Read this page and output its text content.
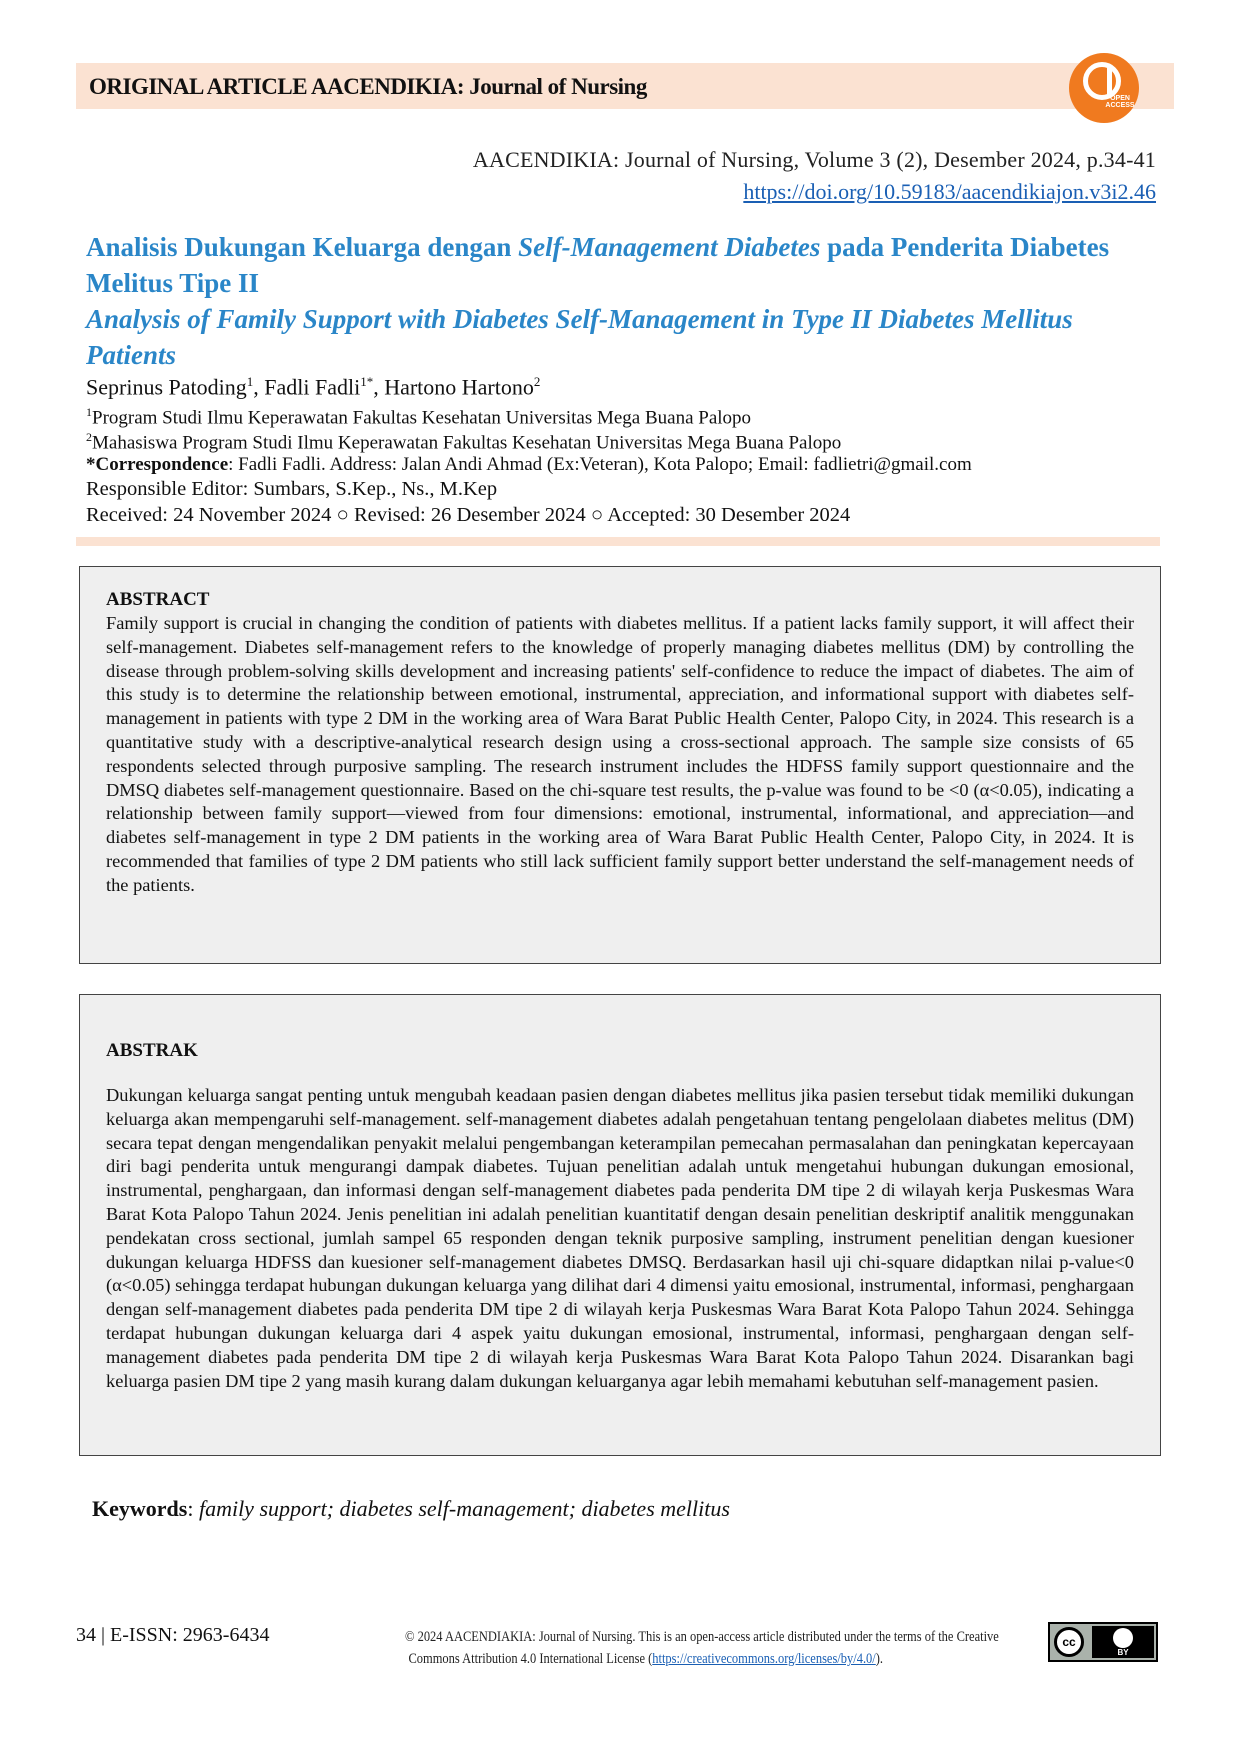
ORIGINAL ARTICLE AACENDIKIA: Journal of Nursing	OPEN ACCESS
AACENDIKIA: Journal of Nursing, Volume 3 (2), Desember 2024, p.34-41
https://doi.org/10.59183/aacendikiajon.v3i2.46
Analisis Dukungan Keluarga dengan Self-Management Diabetes pada Penderita Diabetes Melitus Tipe II
Analysis of Family Support with Diabetes Self-Management in Type II Diabetes Mellitus Patients
Seprinus Patoding$^1$, Fadli Fadli$^{1*}$, Hartono Hartono$^2$
$^1$Program Studi Ilmu Keperawatan Fakultas Kesehatan Universitas Mega Buana Palopo
$^2$Mahasiswa Program Studi Ilmu Keperawatan Fakultas Kesehatan Universitas Mega Buana Palopo
*Correspondence: Fadli Fadli. Address: Jalan Andi Ahmad (Ex:Veteran), Kota Palopo; Email: fadlietri@gmail.com
Responsible Editor: Sumbars, S.Kep., Ns., M.Kep
Received: 24 November 2024 ○ Revised: 26 Desember 2024 ○ Accepted: 30 Desember 2024
ABSTRACT
Family support is crucial in changing the condition of patients with diabetes mellitus. If a patient lacks family support, it will affect their self-management. Diabetes self-management refers to the knowledge of properly managing diabetes mellitus (DM) by controlling the disease through problem-solving skills development and increasing patients' self-confidence to reduce the impact of diabetes. The aim of this study is to determine the relationship between emotional, instrumental, appreciation, and informational support with diabetes self-management in patients with type 2 DM in the working area of Wara Barat Public Health Center, Palopo City, in 2024. This research is a quantitative study with a descriptive-analytical research design using a cross-sectional approach. The sample size consists of 65 respondents selected through purposive sampling. The research instrument includes the HDFSS family support questionnaire and the DMSQ diabetes self-management questionnaire. Based on the chi-square test results, the p-value was found to be <0 (α<0.05), indicating a relationship between family support—viewed from four dimensions: emotional, instrumental, informational, and appreciation—and diabetes self-management in type 2 DM patients in the working area of Wara Barat Public Health Center, Palopo City, in 2024. It is recommended that families of type 2 DM patients who still lack sufficient family support better understand the self-management needs of the patients.
ABSTRAK
Dukungan keluarga sangat penting untuk mengubah keadaan pasien dengan diabetes mellitus jika pasien tersebut tidak memiliki dukungan keluarga akan mempengaruhi self-management. self-management diabetes adalah pengetahuan tentang pengelolaan diabetes melitus (DM) secara tepat dengan mengendalikan penyakit melalui pengembangan keterampilan pemecahan permasalahan dan peningkatan kepercayaan diri bagi penderita untuk mengurangi dampak diabetes. Tujuan penelitian adalah untuk mengetahui hubungan dukungan emosional, instrumental, penghargaan, dan informasi dengan self-management diabetes pada penderita DM tipe 2 di wilayah kerja Puskesmas Wara Barat Kota Palopo Tahun 2024. Jenis penelitian ini adalah penelitian kuantitatif dengan desain penelitian deskriptif analitik menggunakan pendekatan cross sectional, jumlah sampel 65 responden dengan teknik purposive sampling, instrument penelitian dengan kuesioner dukungan keluarga HDFSS dan kuesioner self-management diabetes DMSQ. Berdasarkan hasil uji chi-square didaptkan nilai p-value<0 (α<0.05) sehingga terdapat hubungan dukungan keluarga yang dilihat dari 4 dimensi yaitu emosional, instrumental, informasi, penghargaan dengan self-management diabetes pada penderita DM tipe 2 di wilayah kerja Puskesmas Wara Barat Kota Palopo Tahun 2024. Sehingga terdapat hubungan dukungan keluarga dari 4 aspek yaitu dukungan emosional, instrumental, informasi, penghargaan dengan self-management diabetes pada penderita DM tipe 2 di wilayah kerja Puskesmas Wara Barat Kota Palopo Tahun 2024. Disarankan bagi keluarga pasien DM tipe 2 yang masih kurang dalam dukungan keluarganya agar lebih memahami kebutuhan self-management pasien.
Keywords: family support; diabetes self-management; diabetes mellitus
34 | E-ISSN: 2963-6434	© 2024 AACENDIAKIA: Journal of Nursing. This is an open-access article distributed under the terms of the Creative
Commons Attribution 4.0 International License (https://creativecommons.org/licenses/by/4.0/).
cc
BY
